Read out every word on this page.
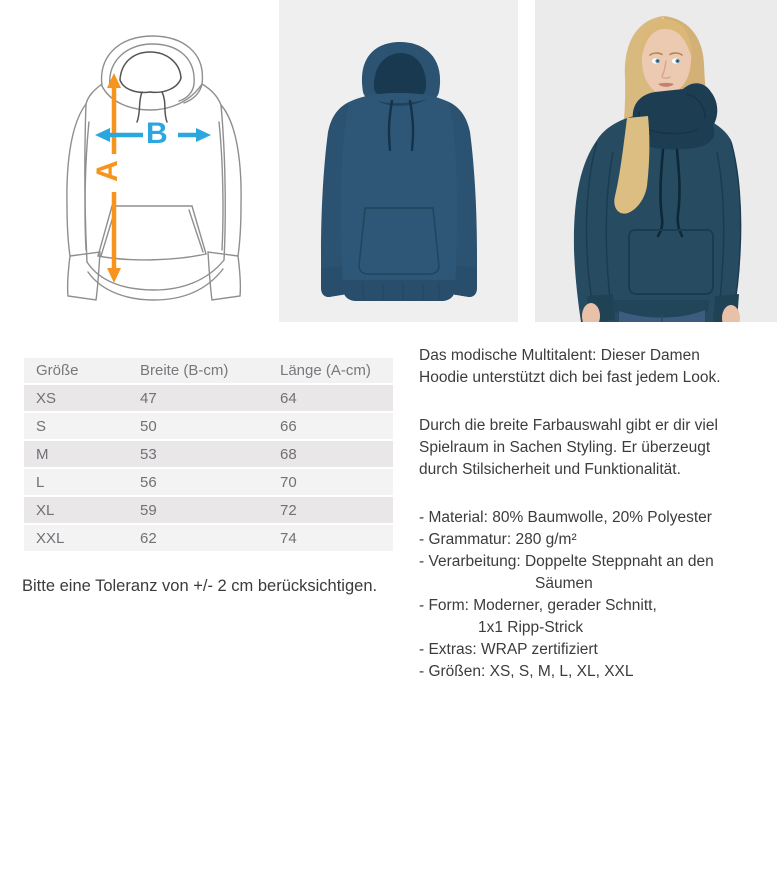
B
A
Größe	Breite (B-cm)	Länge (A-cm)
XS	47	64
S	50	66
M	53	68
L	56	70
XL	59	72
XXL	62	74
Bitte eine Toleranz von +/- 2 cm berücksichtigen.
Das modische Multitalent: Dieser Damen
Hoodie unterstützt dich bei fast jedem Look.
Durch die breite Farbauswahl gibt er dir viel
Spielraum in Sachen Styling. Er überzeugt
durch Stilsicherheit und Funktionalität.
- Material: 80% Baumwolle, 20% Polyester
- Grammatur: 280 g/m²
- Verarbeitung: Doppelte Steppnaht an den
Säumen
- Form: Moderner, gerader Schnitt,
1x1 Ripp-Strick
- Extras: WRAP zertifiziert
- Größen: XS, S, M, L, XL, XXL
